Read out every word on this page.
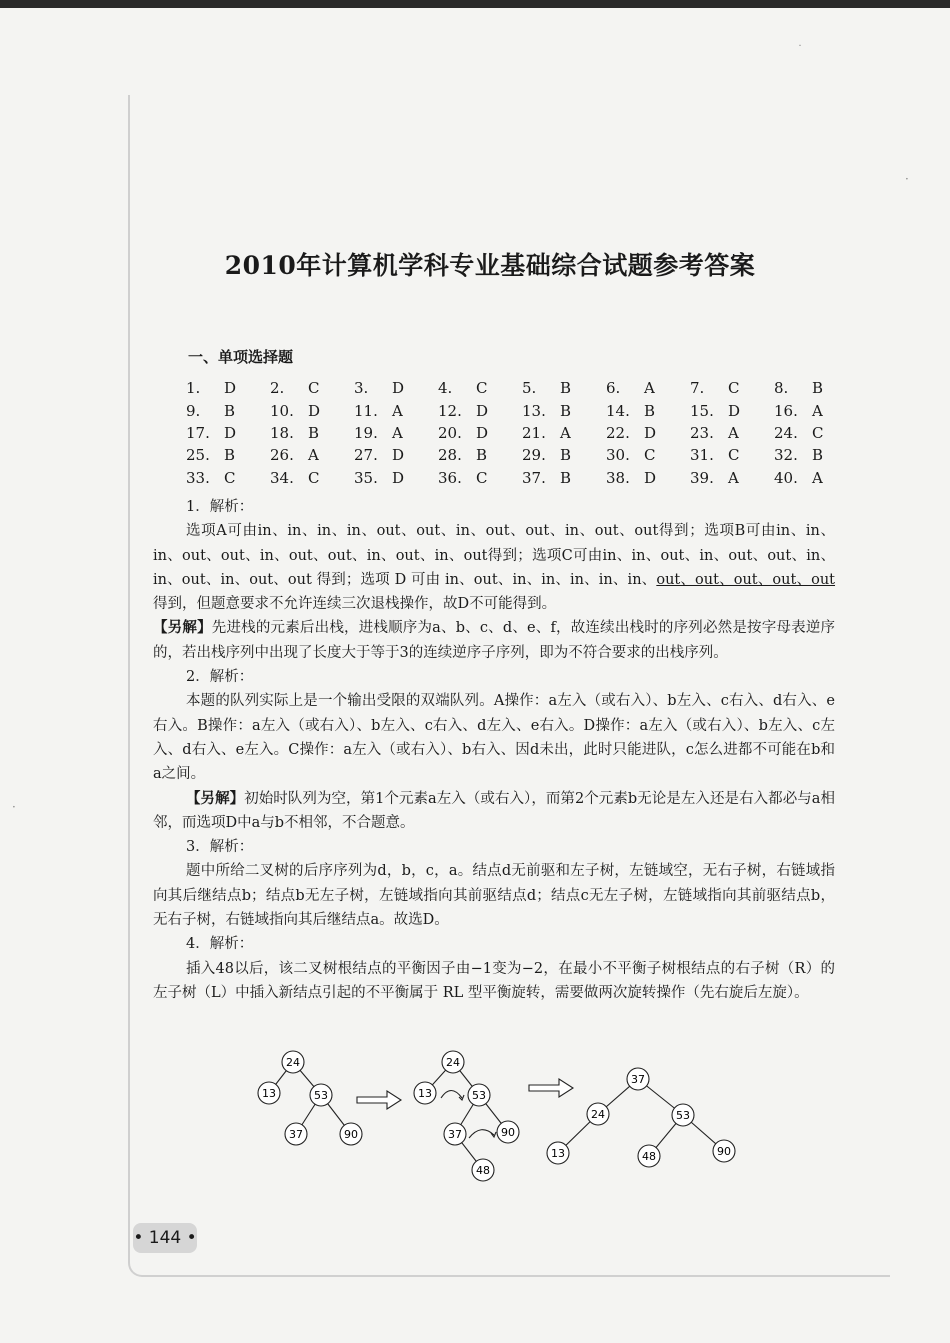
˙
·
·
2010年计算机学科专业基础综合试题参考答案
一、单项选择题
1.	D	2.	C	3.	D	4.	C	5.	B	6.	A	7.	C	8.	B
9.	B	10.	D	11.	A	12.	D	13.	B	14.	B	15.	D	16.	A
17.	D	18.	B	19.	A	20.	D	21.	A	22.	D	23.	A	24.	C
25.	B	26.	A	27.	D	28.	B	29.	B	30.	C	31.	C	32.	B
33.	C	34.	C	35.	D	36.	C	37.	B	38.	D	39.	A	40.	A

1．解析：

选项A可由in、in、in、in、out、out、in、out、out、in、out、out得到；选项B可由in、in、in、out、out、in、out、out、in、out、in、out得到；选项C可由in、in、out、in、out、out、in、in、out、in、out、out 得到；选项 D 可由 in、out、in、in、in、in、in、out、out、out、out、out得到，但题意要求不允许连续三次退栈操作，故D不可能得到。

【另解】先进栈的元素后出栈，进栈顺序为a、b、c、d、e、f，故连续出栈时的序列必然是按字母表逆序的，若出栈序列中出现了长度大于等于3的连续逆序子序列，即为不符合要求的出栈序列。

2．解析：

本题的队列实际上是一个输出受限的双端队列。A操作：a左入（或右入）、b左入、c右入、d右入、e右入。B操作：a左入（或右入）、b左入、c右入、d左入、e右入。D操作：a左入（或右入）、b左入、c左入、d右入、e左入。C操作：a左入（或右入）、b右入、因d未出，此时只能进队，c怎么进都不可能在b和a之间。

【另解】初始时队列为空，第1个元素a左入（或右入），而第2个元素b无论是左入还是右入都必与a相邻，而选项D中a与b不相邻，不合题意。

3．解析：

题中所给二叉树的后序序列为d，b，c，a。结点d无前驱和左子树，左链域空，无右子树，右链域指向其后继结点b；结点b无左子树，左链域指向其前驱结点d；结点c无左子树，左链域指向其前驱结点b，无右子树，右链域指向其后继结点a。故选D。

4．解析：

插入48以后，该二叉树根结点的平衡因子由−1变为−2，在最小不平衡子树根结点的右子树（R）的左子树（L）中插入新结点引起的不平衡属于 RL 型平衡旋转，需要做两次旋转操作（先右旋后左旋）。

24
13	53
37	90
24
13	53
37	90
48
37
24	53
13	48	90
• 144 •
